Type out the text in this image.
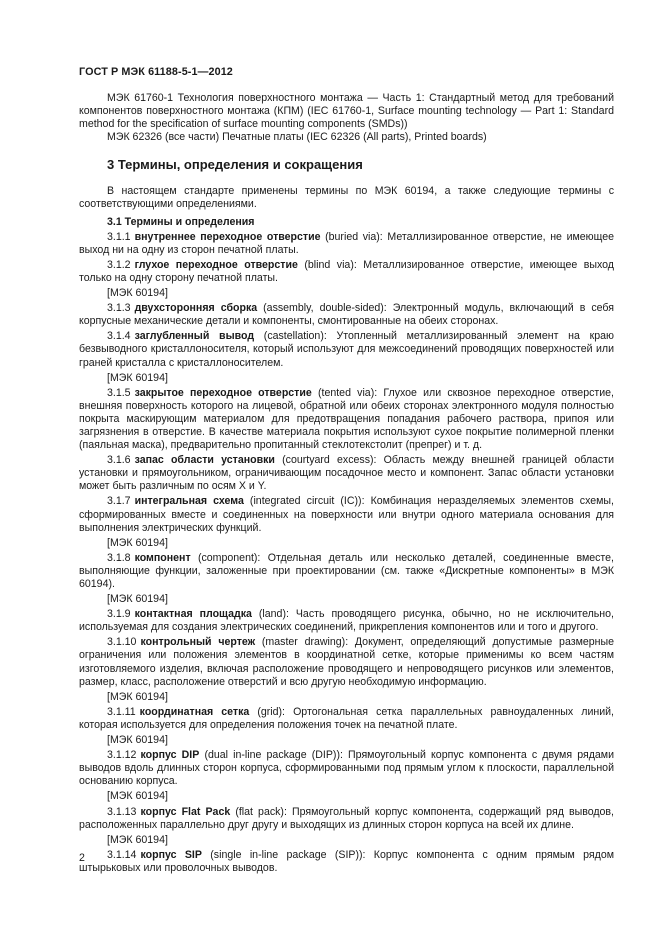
ГОСТ Р МЭК 61188-5-1—2012

МЭК 61760-1 Технология поверхностного монтажа — Часть 1: Стандартный метод для требований компонентов поверхностного монтажа (КПМ) (IEC 61760-1, Surface mounting technology — Part 1: Standard method for the specification of surface mounting components (SMDs))

МЭК 62326 (все части) Печатные платы (IEC 62326 (All parts), Printed boards)

3 Термины, определения и сокращения

В настоящем стандарте применены термины по МЭК 60194, а также следующие термины с соответствующими определениями.

3.1 Термины и определения

3.1.1 внутреннее переходное отверстие (buried via): Металлизированное отверстие, не имеющее выход ни на одну из сторон печатной платы.

3.1.2 глухое переходное отверстие (blind via): Металлизированное отверстие, имеющее выход только на одну сторону печатной платы.

[МЭК 60194]

3.1.3 двухсторонняя сборка (assembly, double-sided): Электронный модуль, включающий в себя корпусные механические детали и компоненты, смонтированные на обеих сторонах.

3.1.4 заглубленный вывод (castellation): Утопленный металлизированный элемент на краю безвыводного кристаллоносителя, который используют для межсоединений проводящих поверхностей или граней кристалла с кристаллоносителем.

[МЭК 60194]

3.1.5 закрытое переходное отверстие (tented via): Глухое или сквозное переходное отверстие, внешняя поверхность которого на лицевой, обратной или обеих сторонах электронного модуля полностью покрыта маскирующим материалом для предотвращения попадания рабочего раствора, припоя или загрязнения в отверстие. В качестве материала покрытия используют сухое покрытие полимерной пленки (паяльная маска), предварительно пропитанный стеклотекстолит (препрег) и т. д.

3.1.6 запас области установки (courtyard excess): Область между внешней границей области установки и прямоугольником, ограничивающим посадочное место и компонент. Запас области установки может быть различным по осям X и Y.

3.1.7 интегральная схема (integrated circuit (IC)): Комбинация неразделяемых элементов схемы, сформированных вместе и соединенных на поверхности или внутри одного материала основания для выполнения электрических функций.

[МЭК 60194]

3.1.8 компонент (component): Отдельная деталь или несколько деталей, соединенные вместе, выполняющие функции, заложенные при проектировании (см. также «Дискретные компоненты» в МЭК 60194).

[МЭК 60194]

3.1.9 контактная площадка (land): Часть проводящего рисунка, обычно, но не исключительно, используемая для создания электрических соединений, прикрепления компонентов или и того и другого.

3.1.10 контрольный чертеж (master drawing): Документ, определяющий допустимые размерные ограничения или положения элементов в координатной сетке, которые применимы ко всем частям изготовляемого изделия, включая расположение проводящего и непроводящего рисунков или элементов, размер, класс, расположение отверстий и всю другую необходимую информацию.

[МЭК 60194]

3.1.11 координатная сетка (grid): Ортогональная сетка параллельных равноудаленных линий, которая используется для определения положения точек на печатной плате.

[МЭК 60194]

3.1.12 корпус DIP (dual in-line package (DIP)): Прямоугольный корпус компонента с двумя рядами выводов вдоль длинных сторон корпуса, сформированными под прямым углом к плоскости, параллельной основанию корпуса.

[МЭК 60194]

3.1.13 корпус Flat Pack (flat pack): Прямоугольный корпус компонента, содержащий ряд выводов, расположенных параллельно друг другу и выходящих из длинных сторон корпуса на всей их длине.

[МЭК 60194]

3.1.14 корпус SIP (single in-line package (SIP)): Корпус компонента с одним прямым рядом штырьковых или проволочных выводов.

2
